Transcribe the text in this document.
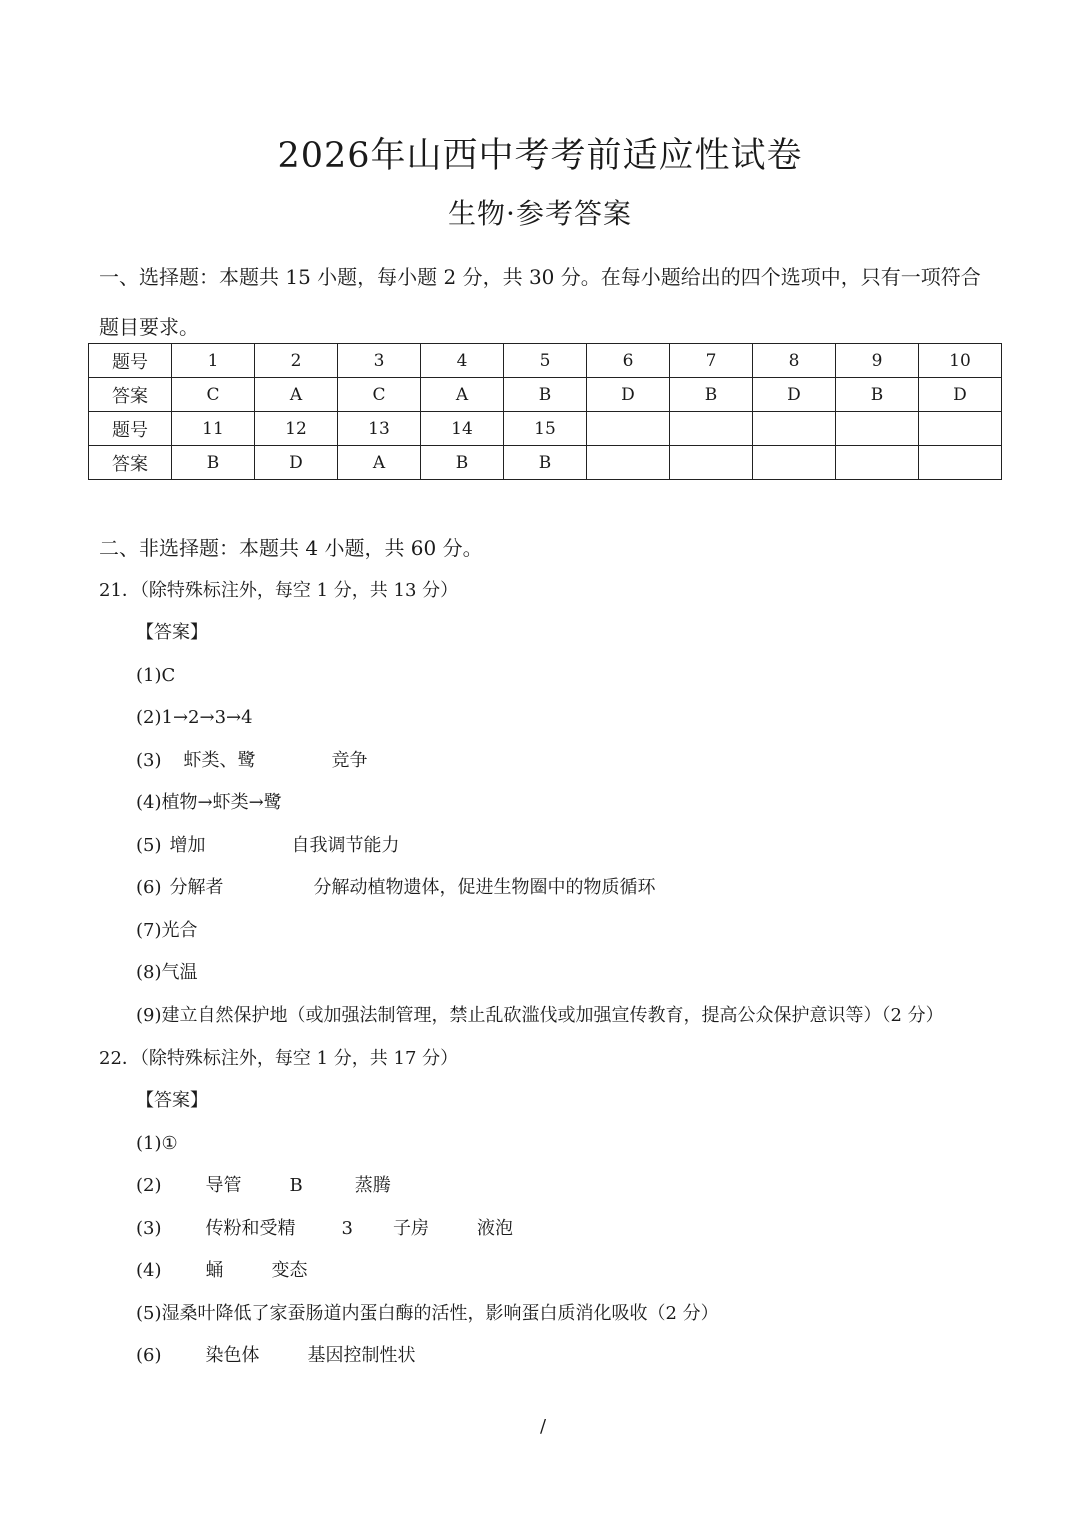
2026年山西中考考前适应性试卷
生物·参考答案
一、选择题：本题共 15 小题，每小题 2 分，共 30 分。在每小题给出的四个选项中，只有一项符合题目要求。
题号	1	2	3	4	5	6	7	8	9	10
答案	C	A	C	A	B	D	B	D	B	D
题号	11	12	13	14	15					
答案	B	D	A	B	B					
二、非选择题：本题共 4 小题，共 60 分。
21．（除特殊标注外，每空 1 分，共 13 分）
【答案】
(1)C
(2)1→2→3→4
(3) 虾类、鹭	竞争
(4)植物→虾类→鹭
(5) 增加	自我调节能力
(6) 分解者	分解动植物遗体，促进生物圈中的物质循环
(7)光合
(8)气温
(9)建立自然保护地（或加强法制管理，禁止乱砍滥伐或加强宣传教育，提高公众保护意识等）（2 分）
22．（除特殊标注外，每空 1 分，共 17 分）
【答案】
(1)①
(2) 导管	B	蒸腾
(3) 传粉和受精	3 子房	液泡
(4) 蛹	变态
(5)湿桑叶降低了家蚕肠道内蛋白酶的活性，影响蛋白质消化吸收（2 分）
(6) 染色体	基因控制性状
/
